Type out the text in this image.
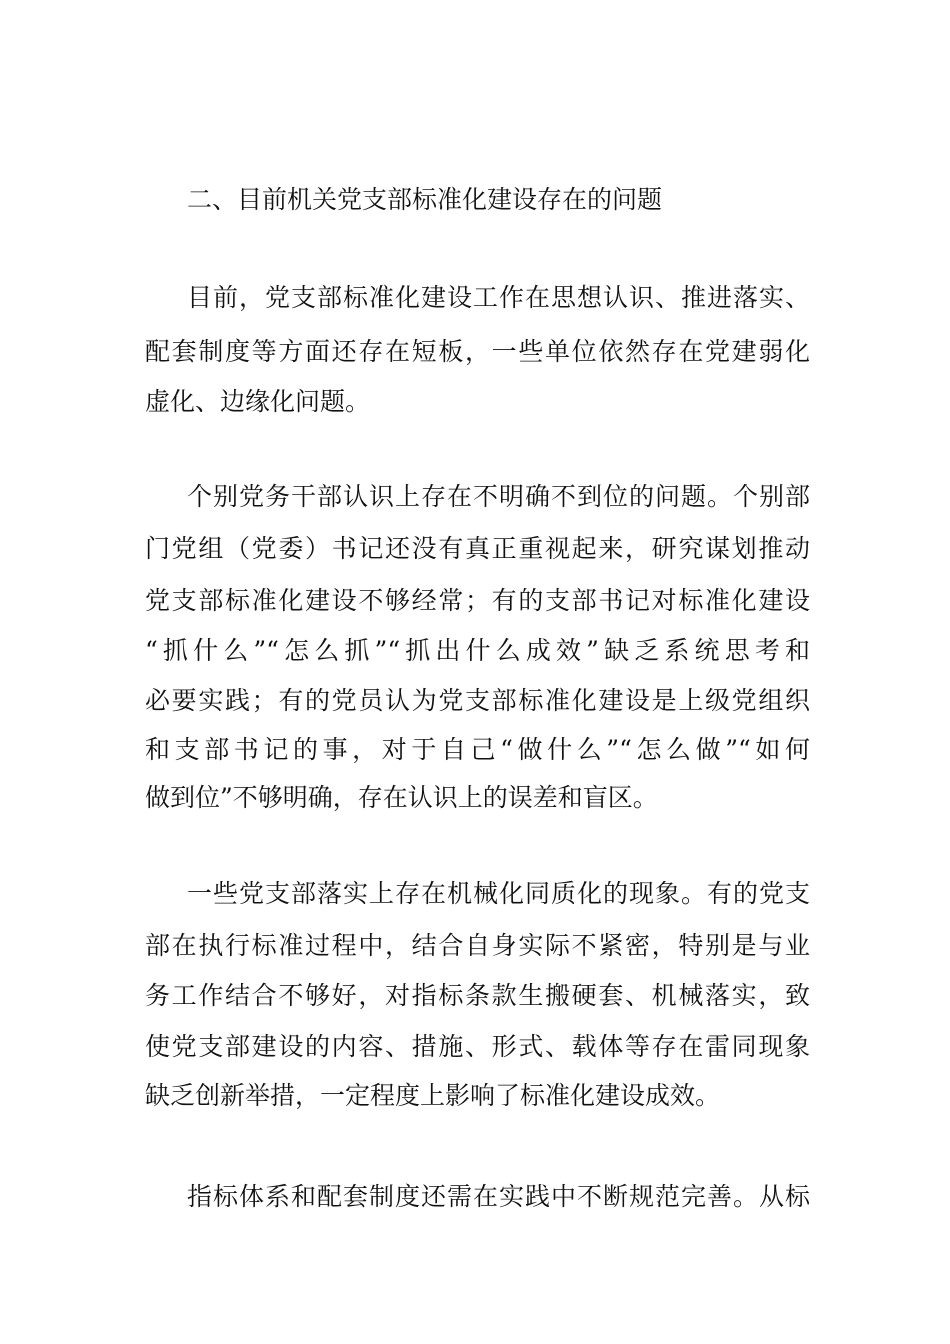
二、目前机关党支部标准化建设存在的问题
目前，党支部标准化建设工作在思想认识、推进落实、
配套制度等方面还存在短板，一些单位依然存在党建弱化
虚化、边缘化问题。
个别党务干部认识上存在不明确不到位的问题。个别部
门党组（党委）书记还没有真正重视起来，研究谋划推动
党支部标准化建设不够经常；有的支部书记对标准化建设
“抓什么”“怎么抓”“抓出什么成效”缺乏系统思考和
必要实践；有的党员认为党支部标准化建设是上级党组织
和支部书记的事，对于自己“做什么”“怎么做”“如何
做到位”不够明确，存在认识上的误差和盲区。
一些党支部落实上存在机械化同质化的现象。有的党支
部在执行标准过程中，结合自身实际不紧密，特别是与业
务工作结合不够好，对指标条款生搬硬套、机械落实，致
使党支部建设的内容、措施、形式、载体等存在雷同现象
缺乏创新举措，一定程度上影响了标准化建设成效。
指标体系和配套制度还需在实践中不断规范完善。从标
